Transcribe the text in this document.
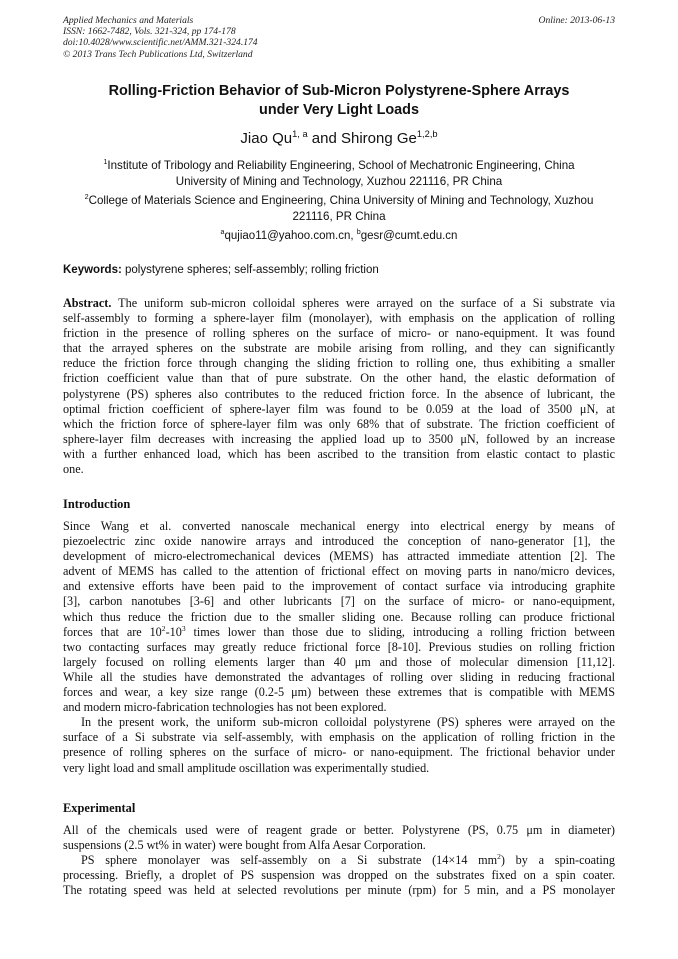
Applied Mechanics and Materials
ISSN: 1662-7482, Vols. 321-324, pp 174-178
doi:10.4028/www.scientific.net/AMM.321-324.174
© 2013 Trans Tech Publications Ltd, Switzerland
Online: 2013-06-13
Rolling-Friction Behavior of Sub-Micron Polystyrene-Sphere Arrays
under Very Light Loads
Jiao Qu$^{1, a}$ and Shirong Ge$^{1,2,b}$
$^1$Institute of Tribology and Reliability Engineering, School of Mechatronic Engineering, China
University of Mining and Technology, Xuzhou 221116, PR China
$^2$College of Materials Science and Engineering, China University of Mining and Technology, Xuzhou
221116, PR China
$^a$qujiao11@yahoo.com.cn, $^b$gesr@cumt.edu.cn
Keywords: polystyrene spheres; self-assembly; rolling friction
Abstract. The uniform sub-micron colloidal spheres were arrayed on the surface of a Si substrate via
self-assembly to forming a sphere-layer film (monolayer), with emphasis on the application of rolling
friction in the presence of rolling spheres on the surface of micro- or nano-equipment. It was found
that the arrayed spheres on the substrate are mobile arising from rolling, and they can significantly
reduce the friction force through changing the sliding friction to rolling one, thus exhibiting a smaller
friction coefficient value than that of pure substrate. On the other hand, the elastic deformation of
polystyrene (PS) spheres also contributes to the reduced friction force. In the absence of lubricant, the
optimal friction coefficient of sphere-layer film was found to be 0.059 at the load of 3500 μN, at
which the friction force of sphere-layer film was only 68% that of substrate. The friction coefficient of
sphere-layer film decreases with increasing the applied load up to 3500 μN, followed by an increase
with a further enhanced load, which has been ascribed to the transition from elastic contact to plastic
one.
Introduction
Since Wang et al. converted nanoscale mechanical energy into electrical energy by means of
piezoelectric zinc oxide nanowire arrays and introduced the conception of nano-generator [1], the
development of micro-electromechanical devices (MEMS) has attracted immediate attention [2]. The
advent of MEMS has called to the attention of frictional effect on moving parts in nano/micro devices,
and extensive efforts have been paid to the improvement of contact surface via introducing graphite
[3], carbon nanotubes [3-6] and other lubricants [7] on the surface of micro- or nano-equipment,
which thus reduce the friction due to the smaller sliding one. Because rolling can produce frictional
forces that are $10^2-10^3$ times lower than those due to sliding, introducing a rolling friction between
two contacting surfaces may greatly reduce frictional force [8-10]. Previous studies on rolling friction
largely focused on rolling elements larger than 40 μm and those of molecular dimension [11,12].
While all the studies have demonstrated the advantages of rolling over sliding in reducing fractional
forces and wear, a key size range (0.2-5 μm) between these extremes that is compatible with MEMS
and modern micro-fabrication technologies has not been explored.
In the present work, the uniform sub-micron colloidal polystyrene (PS) spheres were arrayed on the
surface of a Si substrate via self-assembly, with emphasis on the application of rolling friction in the
presence of rolling spheres on the surface of micro- or nano-equipment. The frictional behavior under
very light load and small amplitude oscillation was experimentally studied.
Experimental
All of the chemicals used were of reagent grade or better. Polystyrene (PS, 0.75 μm in diameter)
suspensions (2.5 wt% in water) were bought from Alfa Aesar Corporation.
PS sphere monolayer was self-assembly on a Si substrate (14×14 $mm^2$) by a spin-coating
processing. Briefly, a droplet of PS suspension was dropped on the substrates fixed on a spin coater.
The rotating speed was held at selected revolutions per minute (rpm) for 5 min, and a PS monolayer
